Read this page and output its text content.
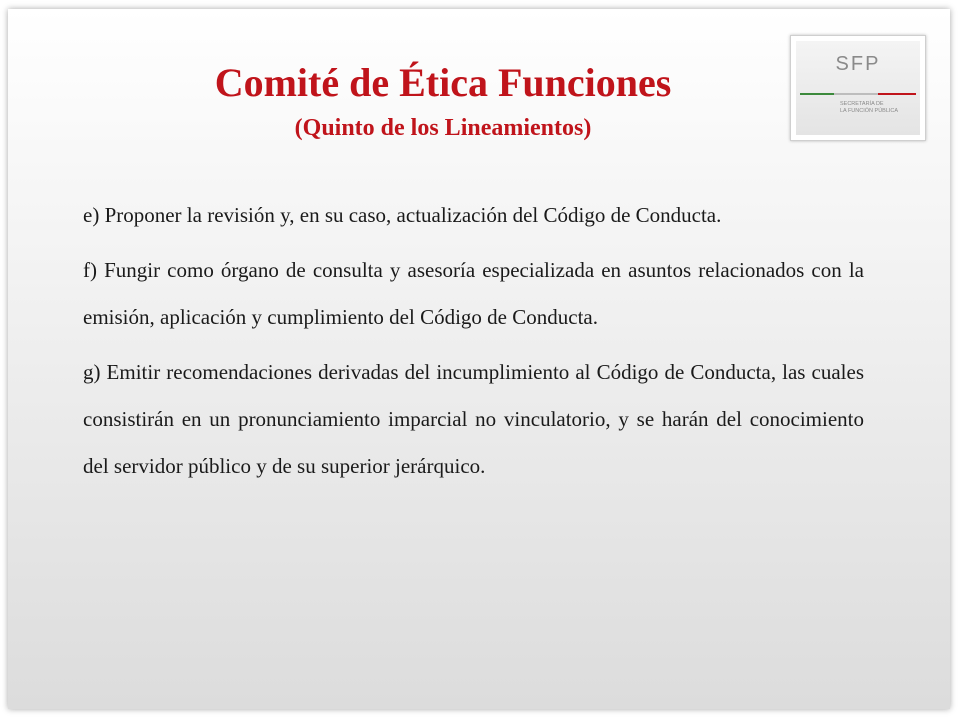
Comité de Ética Funciones
(Quinto de los Lineamientos)
SFP
SECRETARÍA DE
LA FUNCIÓN PÚBLICA

e) Proponer la revisión y, en su caso, actualización del Código de Conducta.

f) Fungir como órgano de consulta y asesoría especializada en asuntos relacionados con la emisión, aplicación y cumplimiento del Código de Conducta.

g) Emitir recomendaciones derivadas del incumplimiento al Código de Conducta, las cuales consistirán en un pronunciamiento imparcial no vinculatorio, y se harán del conocimiento del servidor público y de su superior jerárquico.
